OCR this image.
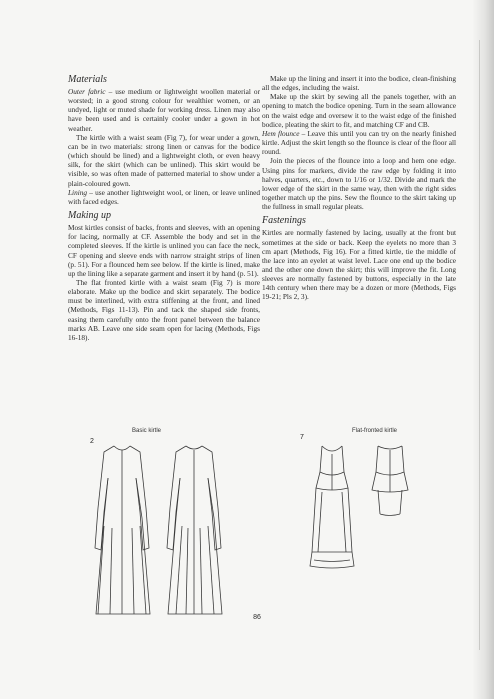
Materials

Outer fabric – use medium or lightweight woollen material or worsted; in a good strong colour for wealthier women, or an undyed, light or muted shade for working dress. Linen may also have been used and is certainly cooler under a gown in hot weather.

The kirtle with a waist seam (Fig 7), for wear under a gown, can be in two materials: strong linen or canvas for the bodice (which should be lined) and a lightweight cloth, or even heavy silk, for the skirt (which can be unlined). This skirt would be visible, so was often made of patterned material to show under a plain-coloured gown.

Lining – use another lightweight wool, or linen, or leave unlined with faced edges.

Making up

Most kirtles consist of backs, fronts and sleeves, with an opening for lacing, normally at CF. Assemble the body and set in the completed sleeves. If the kirtle is unlined you can face the neck, CF opening and sleeve ends with narrow straight strips of linen (p. 51). For a flounced hem see below. If the kirtle is lined, make up the lining like a separate garment and insert it by hand (p. 51).

The flat fronted kirtle with a waist seam (Fig 7) is more elaborate. Make up the bodice and skirt separately. The bodice must be interlined, with extra stiffening at the front, and lined (Methods, Figs 11-13). Pin and tack the shaped side fronts, easing them carefully onto the front panel between the balance marks AB. Leave one side seam open for lacing (Methods, Figs 16-18).

Make up the lining and insert it into the bodice, clean-finishing all the edges, including the waist.

Make up the skirt by sewing all the panels together, with an opening to match the bodice opening. Turn in the seam allowance on the waist edge and oversew it to the waist edge of the finished bodice, pleating the skirt to fit, and matching CF and CB.

Hem flounce – Leave this until you can try on the nearly finished kirtle. Adjust the skirt length so the flounce is clear of the floor all round.

Join the pieces of the flounce into a loop and hem one edge. Using pins for markers, divide the raw edge by folding it into halves, quarters, etc., down to 1/16 or 1/32. Divide and mark the lower edge of the skirt in the same way, then with the right sides together match up the pins. Sew the flounce to the skirt taking up the fullness in small regular pleats.

Fastenings

Kirtles are normally fastened by lacing, usually at the front but sometimes at the side or back. Keep the eyelets no more than 3 cm apart (Methods, Fig 16). For a fitted kirtle, tie the middle of the lace into an eyelet at waist level. Lace one end up the bodice and the other one down the skirt; this will improve the fit. Long sleeves are normally fastened by buttons, especially in the late 14th century when there may be a dozen or more (Methods, Figs 19-21; Pls 2, 3).

2
Basic kirtle
7
Flat-fronted kirtle
86
